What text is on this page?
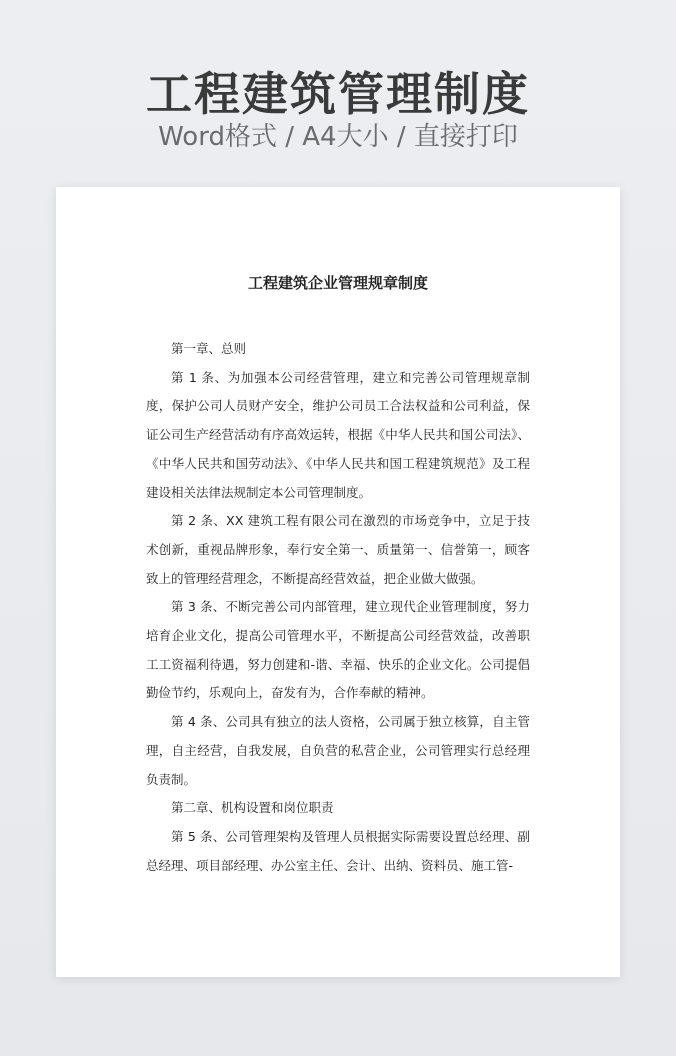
工程建筑管理制度
Word格式 / A4大小 / 直接打印
工程建筑企业管理规章制度

第一章、总则

第 1 条、为加强本公司经营管理，建立和完善公司管理规章制度，保护公司人员财产安全，维护公司员工合法权益和公司利益，保证公司生产经营活动有序高效运转，根据《中华人民共和国公司法》、《中华人民共和国劳动法》、《中华人民共和国工程建筑规范》及工程建设相关法律法规制定本公司管理制度。

第 2 条、XX 建筑工程有限公司在激烈的市场竞争中，立足于技术创新，重视品牌形象，奉行安全第一、质量第一、信誉第一，顾客致上的管理经营理念，不断提高经营效益，把企业做大做强。

第 3 条、不断完善公司内部管理，建立现代企业管理制度，努力培育企业文化，提高公司管理水平，不断提高公司经营效益，改善职工工资福利待遇，努力创建和-谐、幸福、快乐的企业文化。公司提倡勤俭节约，乐观向上，奋发有为，合作奉献的精神。

第 4 条、公司具有独立的法人资格，公司属于独立核算，自主管理，自主经营，自我发展，自负营的私营企业，公司管理实行总经理负责制。

第二章、机构设置和岗位职责

第 5 条、公司管理架构及管理人员根据实际需要设置总经理、副总经理、项目部经理、办公室主任、会计、出纳、资料员、施工管-
